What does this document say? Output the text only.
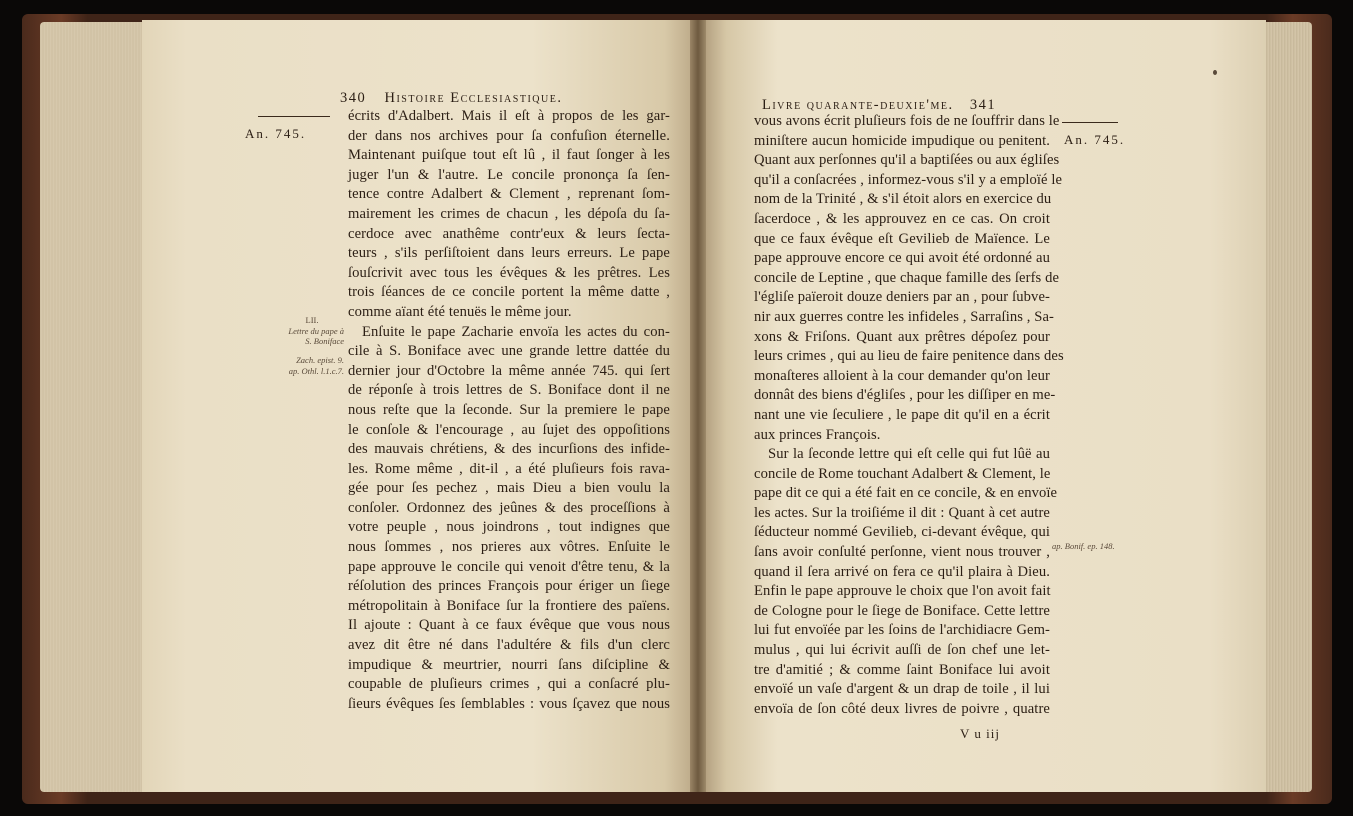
340 Histoire Ecclesiastique.
An. 745.
LII.
Lettre du pape à
S. Boniface
Zach. epist. 9.
ap. Othl. l.1.c.7.
écrits d'Adalbert. Mais il eſt à propos de les gar-
der dans nos archives pour ſa confuſion éternelle.
Maintenant puiſque tout eſt lû , il faut ſonger à les
juger l'un & l'autre. Le concile prononça ſa ſen-
tence contre Adalbert & Clement , reprenant ſom-
mairement les crimes de chacun , les dépoſa du ſa-
cerdoce avec anathême contr'eux & leurs ſecta-
teurs , s'ils perſiſtoient dans leurs erreurs. Le pape
ſouſcrivit avec tous les évêques & les prêtres. Les
trois ſéances de ce concile portent la même datte ,
comme aïant été tenuës le même jour.
Enſuite le pape Zacharie envoïa les actes du con-
cile à S. Boniface avec une grande lettre dattée du
dernier jour d'Octobre la même année 745. qui ſert
de réponſe à trois lettres de S. Boniface dont il ne
nous reſte que la ſeconde. Sur la premiere le pape
le conſole & l'encourage , au ſujet des oppoſitions
des mauvais chrétiens, & des incurſions des infide-
les. Rome même , dit-il , a été pluſieurs fois rava-
gée pour ſes pechez , mais Dieu a bien voulu la
conſoler. Ordonnez des jeûnes & des proceſſions à
votre peuple , nous joindrons , tout indignes que
nous ſommes , nos prieres aux vôtres. Enſuite le
pape approuve le concile qui venoit d'être tenu, & la
réſolution des princes François pour ériger un ſiege
métropolitain à Boniface ſur la frontiere des païens.
Il ajoute : Quant à ce faux évêque que vous nous
avez dit être né dans l'adultére & fils d'un clerc
impudique & meurtrier, nourri ſans diſcipline &
coupable de pluſieurs crimes , qui a conſacré plu-
ſieurs évêques ſes ſemblables : vous ſçavez que nous
Livre quarante-deuxie'me. 341
An. 745.
ap. Bonif. ep. 148.
vous avons écrit pluſieurs fois de ne ſouffrir dans le
miniſtere aucun homicide impudique ou penitent.
Quant aux perſonnes qu'il a baptiſées ou aux égliſes
qu'il a conſacrées , informez-vous s'il y a emploïé le
nom de la Trinité , & s'il étoit alors en exercice du
ſacerdoce , & les approuvez en ce cas. On croit
que ce faux évêque eſt Gevilieb de Maïence. Le
pape approuve encore ce qui avoit été ordonné au
concile de Leptine , que chaque famille des ſerfs de
l'égliſe païeroit douze deniers par an , pour ſubve-
nir aux guerres contre les infideles , Sarraſins , Sa-
xons & Friſons. Quant aux prêtres dépoſez pour
leurs crimes , qui au lieu de faire penitence dans des
monaſteres alloient à la cour demander qu'on leur
donnât des biens d'égliſes , pour les diſſiper en me-
nant une vie ſeculiere , le pape dit qu'il en a écrit
aux princes François.
Sur la ſeconde lettre qui eſt celle qui fut lûë au
concile de Rome touchant Adalbert & Clement, le
pape dit ce qui a été fait en ce concile, & en envoïe
les actes. Sur la troiſiéme il dit : Quant à cet autre
ſéducteur nommé Gevilieb, ci-devant évêque, qui
ſans avoir conſulté perſonne, vient nous trouver ,
quand il ſera arrivé on fera ce qu'il plaira à Dieu.
Enfin le pape approuve le choix que l'on avoit fait
de Cologne pour le ſiege de Boniface. Cette lettre
lui fut envoïée par les ſoins de l'archidiacre Gem-
mulus , qui lui écrivit auſſi de ſon chef une let-
tre d'amitié ; & comme ſaint Boniface lui avoit
envoïé un vaſe d'argent & un drap de toile , il lui
envoïa de ſon côté deux livres de poivre , quatre
V u iij
